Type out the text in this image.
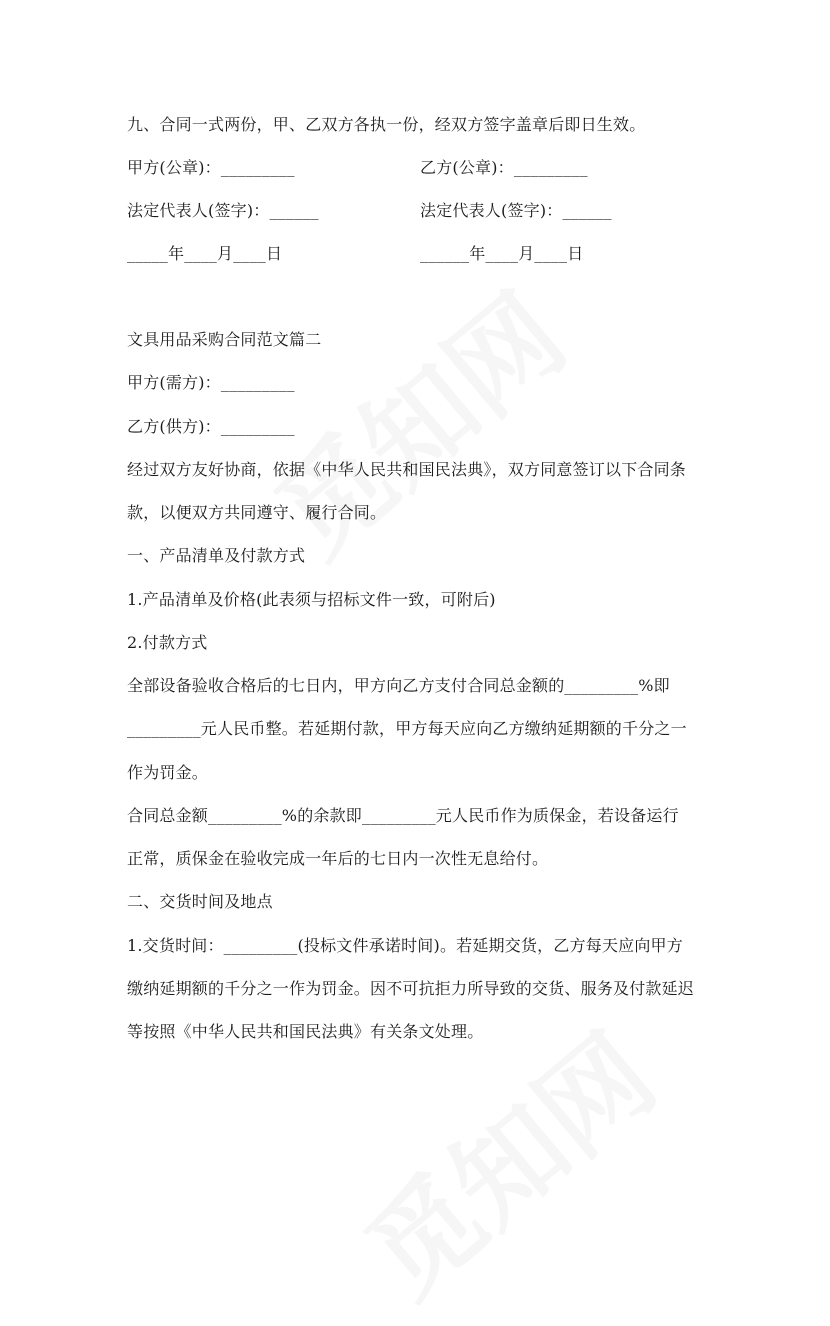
九、合同一式两份，甲、乙双方各执一份，经双方签字盖章后即日生效。
甲方(公章)：_________	乙方(公章)：_________
法定代表人(签字)：______	法定代表人(签字)：______
_____年____月____日	______年____月____日
文具用品采购合同范文篇二
甲方(需方)：_________
乙方(供方)：_________
经过双方友好协商，依据《中华人民共和国民法典》，双方同意签订以下合同条
款，以便双方共同遵守、履行合同。
一、产品清单及付款方式
1.产品清单及价格(此表须与招标文件一致，可附后)
2.付款方式
全部设备验收合格后的七日内，甲方向乙方支付合同总金额的_________%即
_________元人民币整。若延期付款，甲方每天应向乙方缴纳延期额的千分之一
作为罚金。
合同总金额_________%的余款即_________元人民币作为质保金，若设备运行
正常，质保金在验收完成一年后的七日内一次性无息给付。
二、交货时间及地点
1.交货时间：_________(投标文件承诺时间)。若延期交货，乙方每天应向甲方
缴纳延期额的千分之一作为罚金。因不可抗拒力所导致的交货、服务及付款延迟
等按照《中华人民共和国民法典》有关条文处理。
